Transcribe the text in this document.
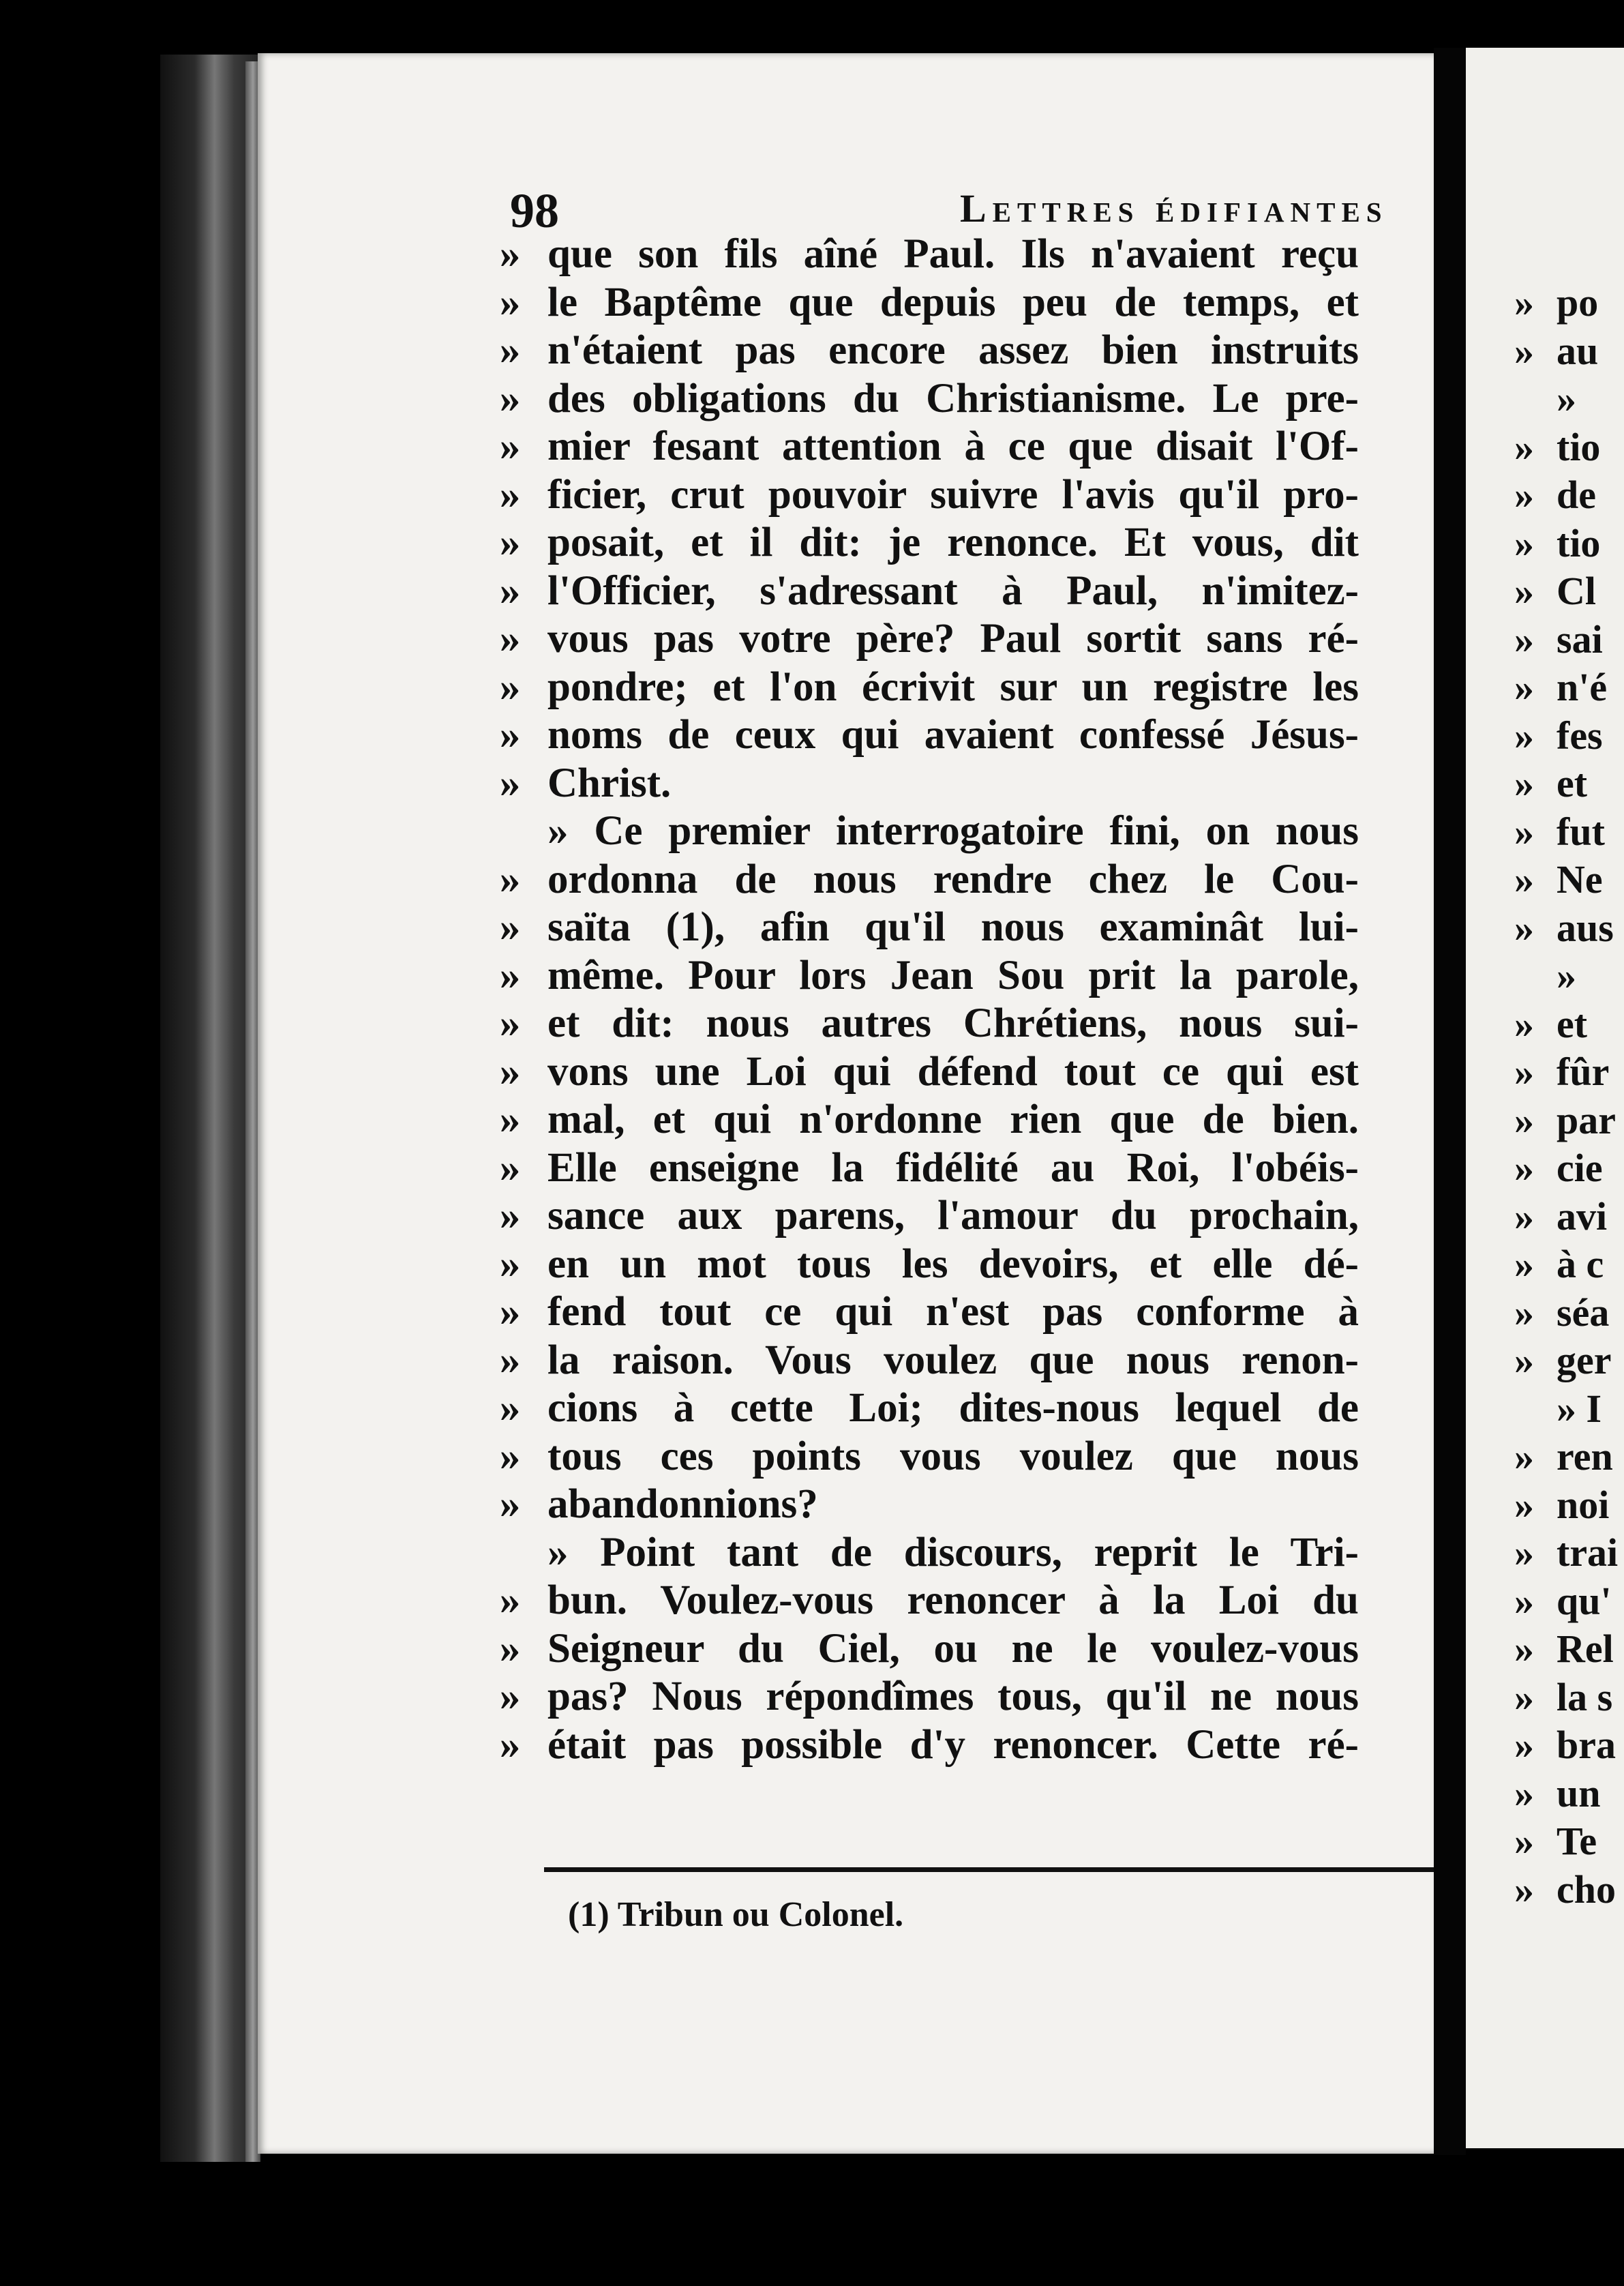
98	Lettres édifiantes
» que son fils aîné Paul. Ils n'avaient reçu
» le Baptême que depuis peu de temps, et
» n'étaient pas encore assez bien instruits
» des obligations du Christianisme. Le pre-
» mier fesant attention à ce que disait l'Of-
» ficier, crut pouvoir suivre l'avis qu'il pro-
» posait, et il dit: je renonce. Et vous, dit
» l'Officier, s'adressant à Paul, n'imitez-
» vous pas votre père? Paul sortit sans ré-
» pondre; et l'on écrivit sur un registre les
» noms de ceux qui avaient confessé Jésus-
» Christ.
» Ce premier interrogatoire fini, on nous
» ordonna de nous rendre chez le Cou-
» saïta (1), afin qu'il nous examinât lui-
» même. Pour lors Jean Sou prit la parole,
» et dit: nous autres Chrétiens, nous sui-
» vons une Loi qui défend tout ce qui est
» mal, et qui n'ordonne rien que de bien.
» Elle enseigne la fidélité au Roi, l'obéis-
» sance aux parens, l'amour du prochain,
» en un mot tous les devoirs, et elle dé-
» fend tout ce qui n'est pas conforme à
» la raison. Vous voulez que nous renon-
» cions à cette Loi; dites-nous lequel de
» tous ces points vous voulez que nous
» abandonnions?
» Point tant de discours, reprit le Tri-
» bun. Voulez-vous renoncer à la Loi du
» Seigneur du Ciel, ou ne le voulez-vous
» pas? Nous répondîmes tous, qu'il ne nous
» était pas possible d'y renoncer. Cette ré-
(1) Tribun ou Colonel.
» po
» au
»
» tio
» de
» tio
» Cl
» sai
» n'é
» fes
» et
» fut
» Ne
» aus
»
» et
» fûr
» par
» cie
» avi
» à c
» séa
» ger
» I
» ren
» noi
» trai
» qu'
» Rel
» la s
» bra
» un
» Te
» cho
